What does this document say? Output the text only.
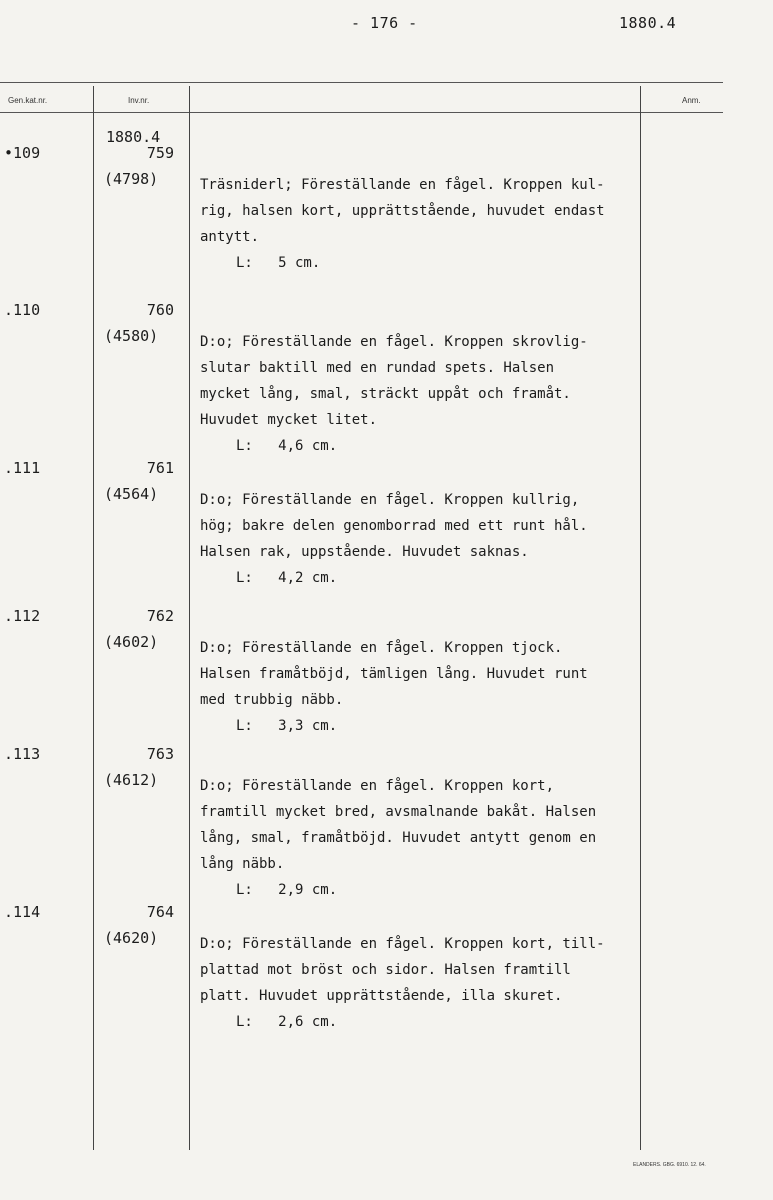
- 176 -	1880.4
Gen.kat.nr.	Inv.nr.	Anm.
1880.4
•109	759
(4798)	Träsniderl; Föreställande en fågel. Kroppen kul-
rig, halsen kort, upprättstående, huvudet endast
antytt.
L:   5 cm.
.110	760
(4580)	D:o; Föreställande en fågel. Kroppen skrovlig-
slutar baktill med en rundad spets. Halsen
mycket lång, smal, sträckt uppåt och framåt.
Huvudet mycket litet.
L:   4,6 cm.
.111	761
(4564)	D:o; Föreställande en fågel. Kroppen kullrig,
hög; bakre delen genomborrad med ett runt hål.
Halsen rak, uppstående. Huvudet saknas.
L:   4,2 cm.
.112	762
(4602)	D:o; Föreställande en fågel. Kroppen tjock.
Halsen framåtböjd, tämligen lång. Huvudet runt
med trubbig näbb.
L:   3,3 cm.
.113	763
(4612)	D:o; Föreställande en fågel. Kroppen kort,
framtill mycket bred, avsmalnande bakåt. Halsen
lång, smal, framåtböjd. Huvudet antytt genom en
lång näbb.
L:   2,9 cm.
.114	764
(4620)	D:o; Föreställande en fågel. Kroppen kort, till-
plattad mot bröst och sidor. Halsen framtill
platt. Huvudet upprättstående, illa skuret.
L:   2,6 cm.
ELANDERS. GBG. 6910. 12. 64.
